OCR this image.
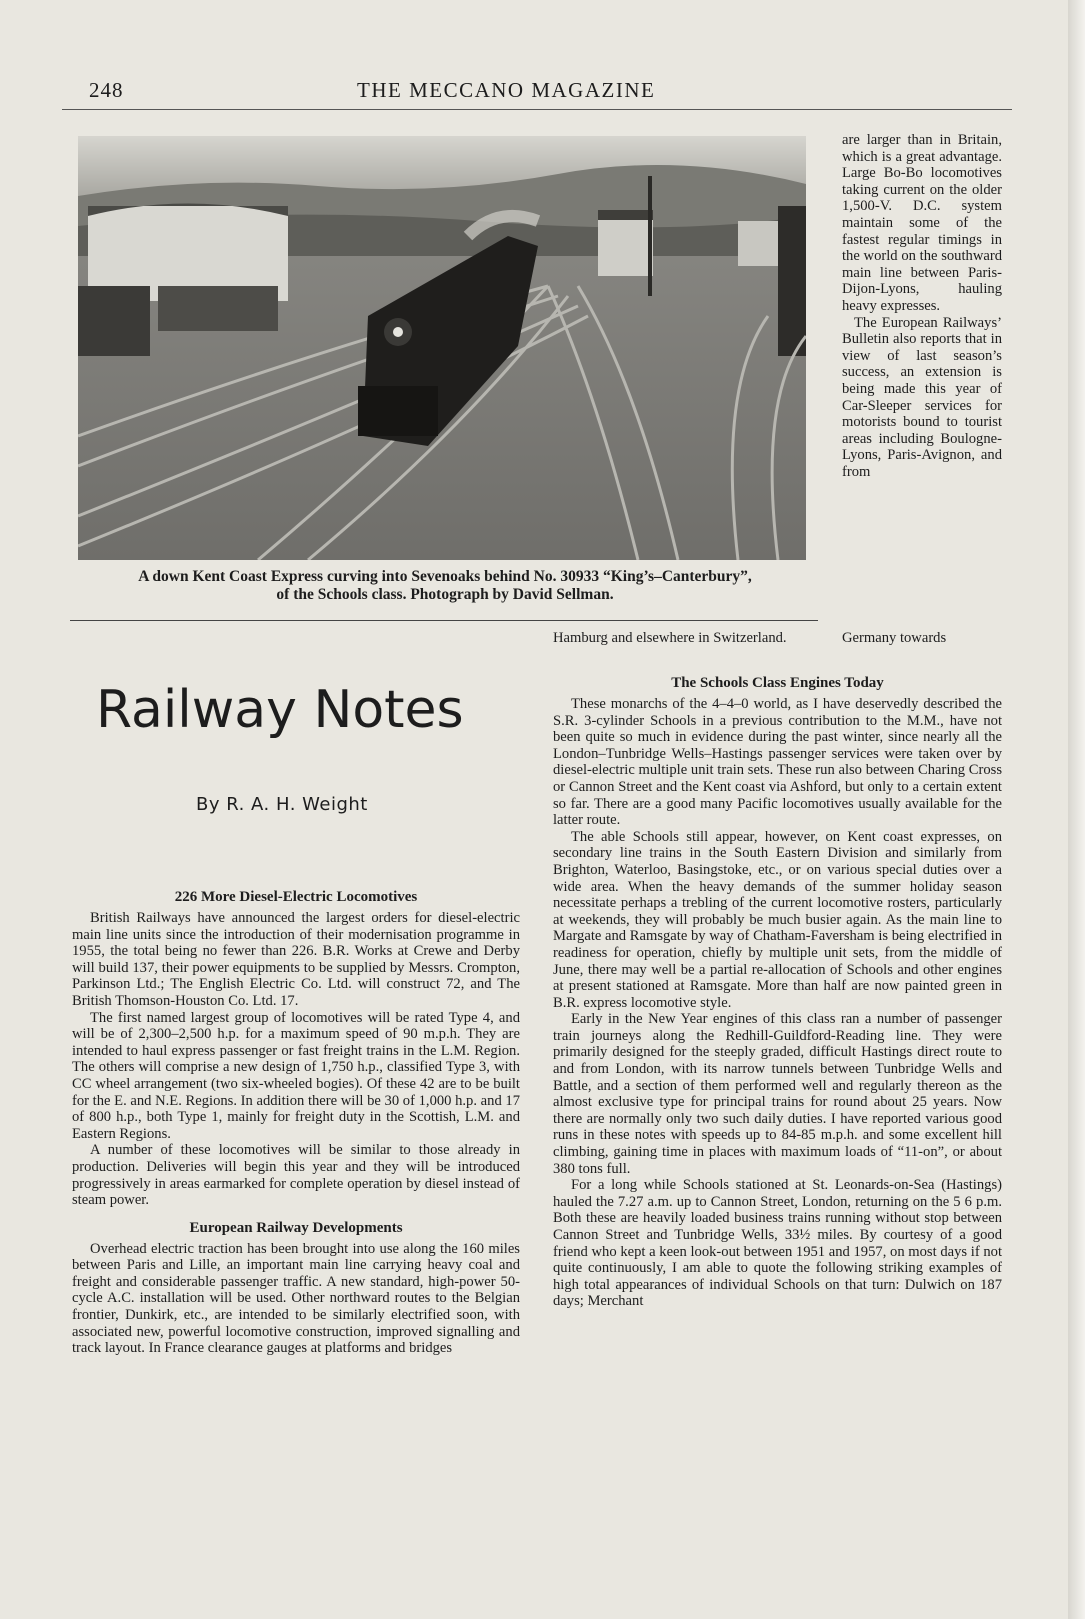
248	THE MECCANO MAGAZINE
A down Kent Coast Express curving into Sevenoaks behind No. 30933 “King’s–Canterbury”,
of the Schools class. Photograph by David Sellman.

are larger than in Britain, which is a great advantage. Large Bo-Bo locomotives taking current on the older 1,500-V. D.C. system maintain some of the fastest regular timings in the world on the southward main line between Paris-Dijon-Lyons, hauling heavy expresses.

The European Railways’ Bulletin also reports that in view of last season’s success, an extension is being made this year of Car-Sleeper services for motorists bound to tourist areas including Boulogne-Lyons, Paris-Avignon, and from

Hamburg and elsewhere in Switzerland.	Germany towards

Railway Notes
By R. A. H. Weight

226 More Diesel-Electric Locomotives

British Railways have announced the largest orders for diesel-electric main line units since the introduction of their modernisation programme in 1955, the total being no fewer than 226. B.R. Works at Crewe and Derby will build 137, their power equipments to be supplied by Messrs. Crompton, Parkinson Ltd.; The English Electric Co. Ltd. will construct 72, and The British Thomson-Houston Co. Ltd. 17.

The first named largest group of locomotives will be rated Type 4, and will be of 2,300–2,500 h.p. for a maximum speed of 90 m.p.h. They are intended to haul express passenger or fast freight trains in the L.M. Region. The others will comprise a new design of 1,750 h.p., classified Type 3, with CC wheel arrangement (two six-wheeled bogies). Of these 42 are to be built for the E. and N.E. Regions. In addition there will be 30 of 1,000 h.p. and 17 of 800 h.p., both Type 1, mainly for freight duty in the Scottish, L.M. and Eastern Regions.

A number of these locomotives will be similar to those already in production. Deliveries will begin this year and they will be introduced progressively in areas earmarked for complete operation by diesel instead of steam power.

European Railway Developments

Overhead electric traction has been brought into use along the 160 miles between Paris and Lille, an important main line carrying heavy coal and freight and considerable passenger traffic. A new standard, high-power 50-cycle A.C. installation will be used. Other northward routes to the Belgian frontier, Dunkirk, etc., are intended to be similarly electrified soon, with associated new, powerful locomotive construction, improved signalling and track layout. In France clearance gauges at platforms and bridges

The Schools Class Engines Today

These monarchs of the 4–4–0 world, as I have deservedly described the S.R. 3-cylinder Schools in a previous contribution to the M.M., have not been quite so much in evidence during the past winter, since nearly all the London–Tunbridge Wells–Hastings passenger services were taken over by diesel-electric multiple unit train sets. These run also between Charing Cross or Cannon Street and the Kent coast via Ashford, but only to a certain extent so far. There are a good many Pacific locomotives usually available for the latter route.

The able Schools still appear, however, on Kent coast expresses, on secondary line trains in the South Eastern Division and similarly from Brighton, Waterloo, Basingstoke, etc., or on various special duties over a wide area. When the heavy demands of the summer holiday season necessitate perhaps a trebling of the current locomotive rosters, particularly at weekends, they will probably be much busier again. As the main line to Margate and Ramsgate by way of Chatham-Faversham is being electrified in readiness for operation, chiefly by multiple unit sets, from the middle of June, there may well be a partial re-allocation of Schools and other engines at present stationed at Ramsgate. More than half are now painted green in B.R. express locomotive style.

Early in the New Year engines of this class ran a number of passenger train journeys along the Redhill-Guildford-Reading line. They were primarily designed for the steeply graded, difficult Hastings direct route to and from London, with its narrow tunnels between Tunbridge Wells and Battle, and a section of them performed well and regularly thereon as the almost exclusive type for principal trains for round about 25 years. Now there are normally only two such daily duties. I have reported various good runs in these notes with speeds up to 84-85 m.p.h. and some excellent hill climbing, gaining time in places with maximum loads of “11-on”, or about 380 tons full.

For a long while Schools stationed at St. Leonards-on-Sea (Hastings) hauled the 7.27 a.m. up to Cannon Street, London, returning on the 5 6 p.m. Both these are heavily loaded business trains running without stop between Cannon Street and Tunbridge Wells, 33½ miles. By courtesy of a good friend who kept a keen look-out between 1951 and 1957, on most days if not quite continuously, I am able to quote the following striking examples of high total appearances of individual Schools on that turn: Dulwich on 187 days; Merchant
